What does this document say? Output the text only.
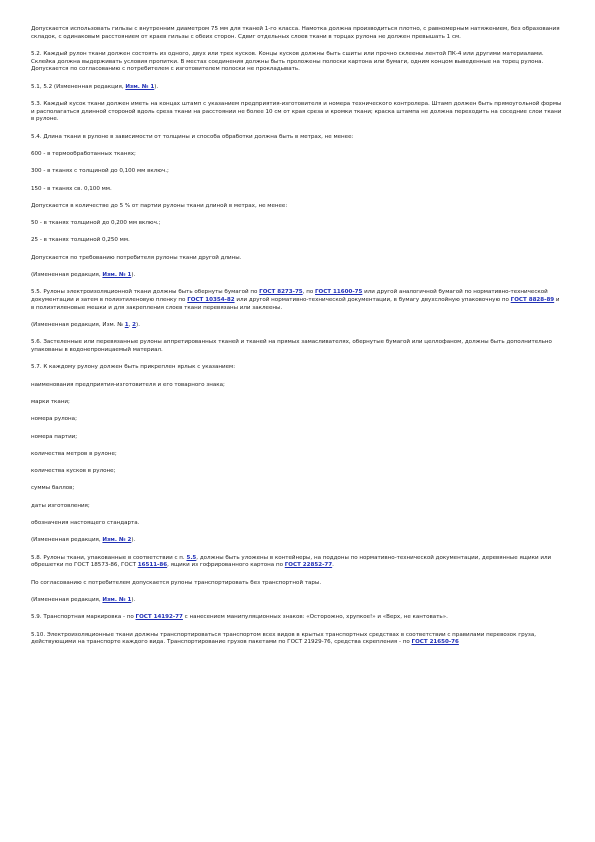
Допускается использовать гильзы с внутренним диаметром 75 мм для тканей 1-го класса. Намотка должна производиться плотно, с равномерным натяжением, без образования складок, с одинаковым расстоянием от краев гильзы с обеих сторон. Сдвиг отдельных слоев ткани в торцах рулона не должен превышать 1 см.

5.2. Каждый рулон ткани должен состоять из одного, двух или трех кусков. Концы кусков должны быть сшиты или прочно склеены лентой ПК-4 или другими материалами. Склейка должна выдерживать условия пропитки. В местах соединения должны быть проложены полоски картона или бумаги, одним концом выведенные на торец рулона. Допускается по согласованию с потребителем с изготовителем полоски не прокладывать.

5.1, 5.2 (Измененная редакция, Изм. № 1).

5.3. Каждый кусок ткани должен иметь на концах штамп с указанием предприятия-изготовителя и номера технического контролера. Штамп должен быть прямоугольной формы и располагаться длинной стороной вдоль среза ткани на расстоянии не более 10 см от края среза и кромки ткани; краска штампа не должна переходить на соседние слои ткани в рулоне.

5.4. Длина ткани в рулоне в зависимости от толщины и способа обработки должна быть в метрах, не менее:

600 - в термообработанных тканях;

300 - в тканях с толщиной до 0,100 мм включ.;

150 - в тканях св. 0,100 мм.

Допускается в количестве до 5 % от партии рулоны ткани длиной в метрах, не менее:

50 - в тканях толщиной до 0,200 мм включ.;

25 - в тканях толщиной 0,250 мм.

Допускается по требованию потребителя рулоны ткани другой длины.

(Измененная редакция, Изм. № 1).

5.5. Рулоны электроизоляционной ткани должны быть обернуты бумагой по ГОСТ 8273-75, по ГОСТ 11600-75 или другой аналогичной бумагой по нормативно-технической документации и затем в полиэтиленовую пленку по ГОСТ 10354-82 или другой нормативно-технической документации, в бумагу двухслойную упаковочную по ГОСТ 8828-89 и в полиэтиленовые мешки и для закрепления слоев ткани перевязаны или заклеены.

(Измененная редакция, Изм. № 1, 2).

5.6. Застеленные или перевязанные рулоны аппретированных тканей и тканей на прямых замасливателях, обернутые бумагой или целлофаном, должны быть дополнительно упакованы в водонепроницаемый материал.

5.7. К каждому рулону должен быть прикреплен ярлык с указанием:

наименования предприятия-изготовителя и его товарного знака;

марки ткани;

номера рулона;

номера партии;

количества метров в рулоне;

количества кусков в рулоне;

суммы баллов;

даты изготовления;

обозначения настоящего стандарта.

(Измененная редакция, Изм. № 2).

5.8. Рулоны ткани, упакованные в соответствии с п. 5.5, должны быть уложены в контейнеры, на поддоны по нормативно-технической документации, деревянные ящики или обрешетки по ГОСТ 18573-86, ГОСТ 16511-86, ящики из гофрированного картона по ГОСТ 22852-77.

По согласованию с потребителем допускается рулоны транспортировать без транспортной тары.

(Измененная редакция, Изм. № 1).

5.9. Транспортная маркировка - по ГОСТ 14192-77 с нанесением манипуляционных знаков: «Осторожно, хрупкое!» и «Верх, не кантовать».

5.10. Электроизоляционные ткани должны транспортироваться транспортом всех видов в крытых транспортных средствах в соответствии с правилами перевозок груза, действующими на транспорте каждого вида. Транспортирование грузов пакетами по ГОСТ 21929-76, средства скрепления - по ГОСТ 21650-76
